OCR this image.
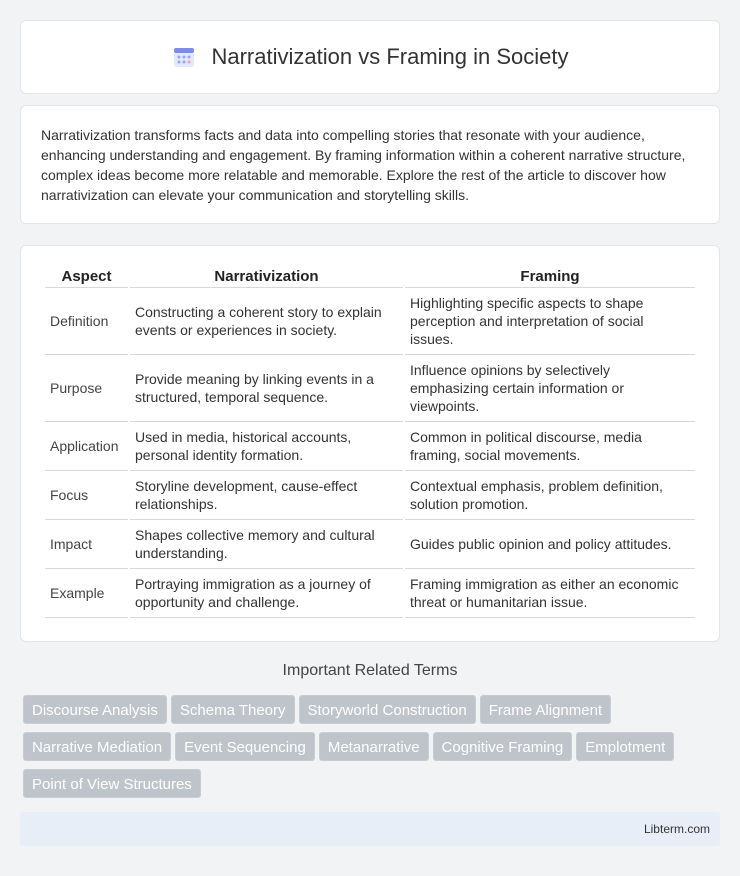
Narrativization vs Framing in Society

Narrativization transforms facts and data into compelling stories that resonate with your audience, enhancing understanding and engagement. By framing information within a coherent narrative structure, complex ideas become more relatable and memorable. Explore the rest of the article to discover how narrativization can elevate your communication and storytelling skills.

Aspect	Narrativization	Framing
Definition	Constructing a coherent story to explain events or experiences in society.	Highlighting specific aspects to shape perception and interpretation of social issues.
Purpose	Provide meaning by linking events in a structured, temporal sequence.	Influence opinions by selectively emphasizing certain information or viewpoints.
Application	Used in media, historical accounts, personal identity formation.	Common in political discourse, media framing, social movements.
Focus	Storyline development, cause-effect relationships.	Contextual emphasis, problem definition, solution promotion.
Impact	Shapes collective memory and cultural understanding.	Guides public opinion and policy attitudes.
Example	Portraying immigration as a journey of opportunity and challenge.	Framing immigration as either an economic threat or humanitarian issue.
Important Related Terms
Discourse Analysis Schema Theory Storyworld Construction Frame Alignment
Narrative Mediation Event Sequencing Metanarrative Cognitive Framing Emplotment
Point of View Structures
Libterm.com
